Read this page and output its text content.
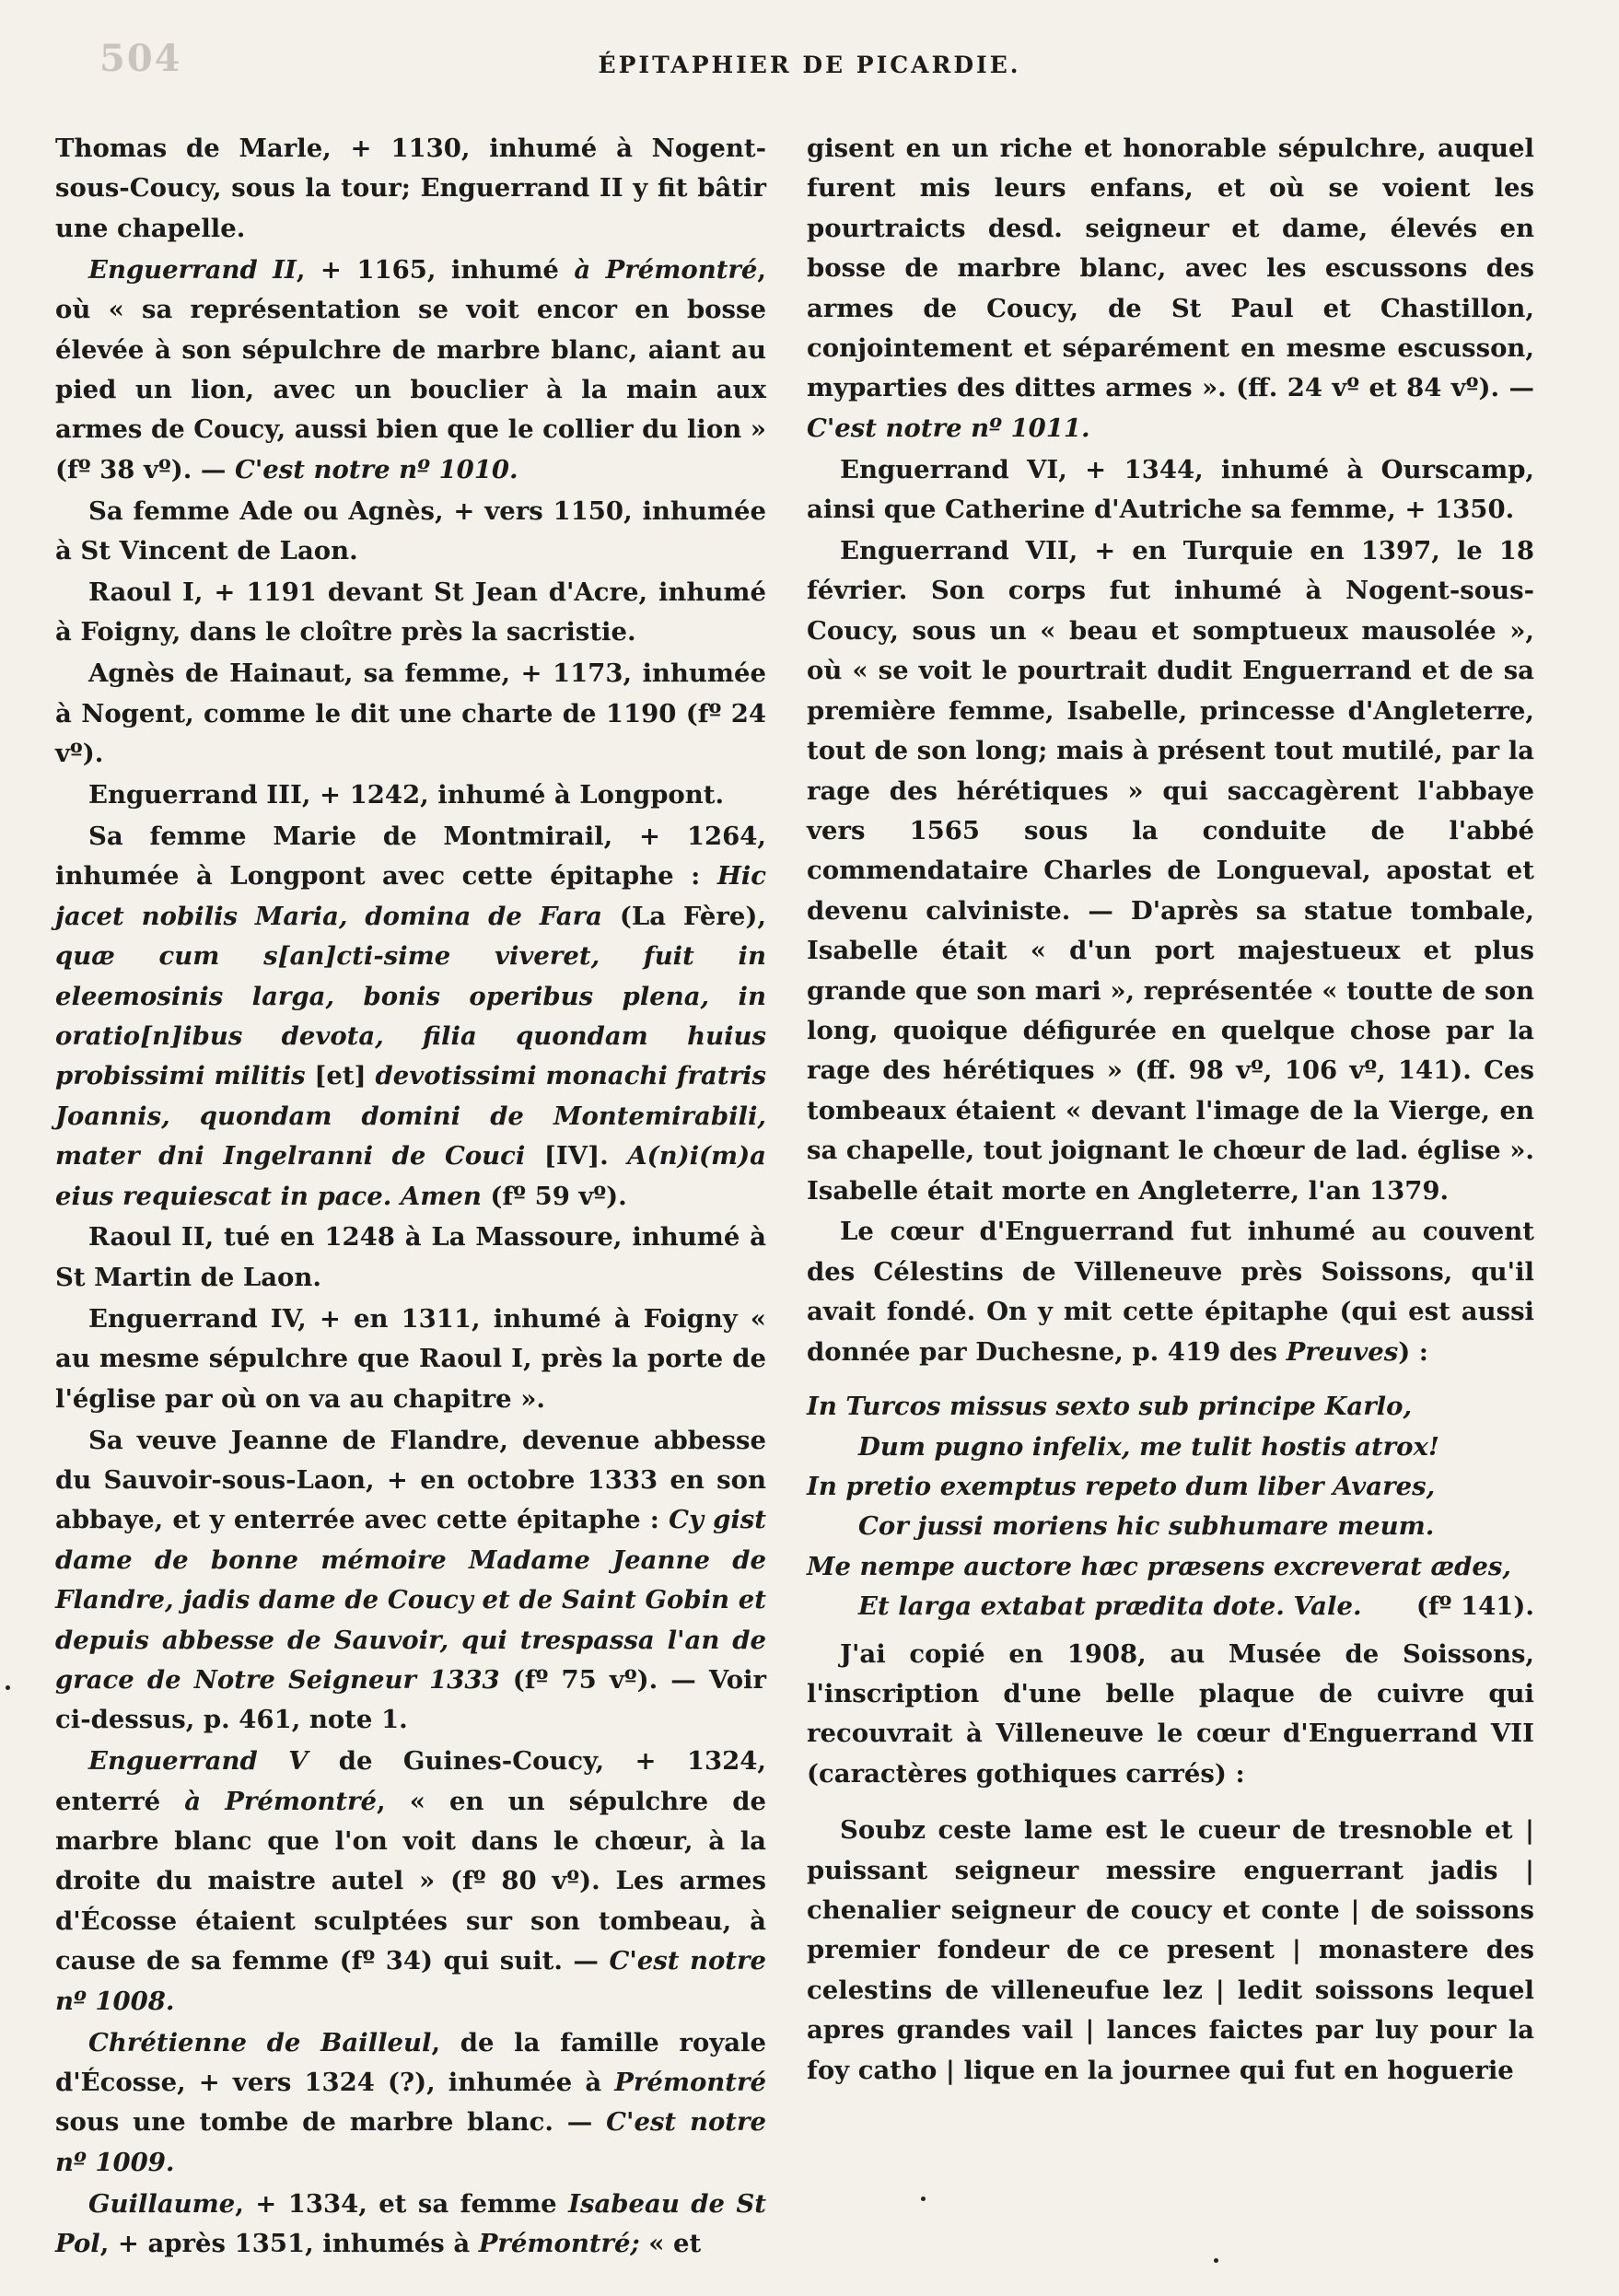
504	ÉPITAPHIER DE PICARDIE.

Thomas de Marle, + 1130, inhumé à Nogent-sous-Coucy, sous la tour; Enguerrand II y fit bâtir une chapelle.

Enguerrand II, + 1165, inhumé à Prémontré, où « sa représentation se voit encor en bosse élevée à son sépulchre de marbre blanc, aiant au pied un lion, avec un bouclier à la main aux armes de Coucy, aussi bien que le collier du lion » (fº 38 vº). — C'est notre nº 1010.

Sa femme Ade ou Agnès, + vers 1150, inhumée à St Vincent de Laon.

Raoul I, + 1191 devant St Jean d'Acre, inhumé à Foigny, dans le cloître près la sacristie.

Agnès de Hainaut, sa femme, + 1173, inhumée à Nogent, comme le dit une charte de 1190 (fº 24 vº).

Enguerrand III, + 1242, inhumé à Longpont.

Sa femme Marie de Montmirail, + 1264, inhumée à Longpont avec cette épitaphe : Hic jacet nobilis Maria, domina de Fara (La Fère), quæ cum s[an]cti-sime viveret, fuit in eleemosinis larga, bonis operibus plena, in oratio[n]ibus devota, filia quondam huius probissimi militis [et] devotissimi monachi fratris Joannis, quondam domini de Montemirabili, mater dni Ingelranni de Couci [IV]. A(n)i(m)a eius requiescat in pace. Amen (fº 59 vº).

Raoul II, tué en 1248 à La Massoure, inhumé à St Martin de Laon.

Enguerrand IV, + en 1311, inhumé à Foigny « au mesme sépulchre que Raoul I, près la porte de l'église par où on va au chapitre ».

Sa veuve Jeanne de Flandre, devenue abbesse du Sauvoir-sous-Laon, + en octobre 1333 en son abbaye, et y enterrée avec cette épitaphe : Cy gist dame de bonne mémoire Madame Jeanne de Flandre, jadis dame de Coucy et de Saint Gobin et depuis abbesse de Sauvoir, qui trespassa l'an de grace de Notre Seigneur 1333 (fº 75 vº). — Voir ci-dessus, p. 461, note 1.

Enguerrand V de Guines-Coucy, + 1324, enterré à Prémontré, « en un sépulchre de marbre blanc que l'on voit dans le chœur, à la droite du maistre autel » (fº 80 vº). Les armes d'Écosse étaient sculptées sur son tombeau, à cause de sa femme (fº 34) qui suit. — C'est notre nº 1008.

Chrétienne de Bailleul, de la famille royale d'Écosse, + vers 1324 (?), inhumée à Prémontré sous une tombe de marbre blanc. — C'est notre nº 1009.

Guillaume, + 1334, et sa femme Isabeau de St Pol, + après 1351, inhumés à Prémontré; « et

gisent en un riche et honorable sépulchre, auquel furent mis leurs enfans, et où se voient les pourtraicts desd. seigneur et dame, élevés en bosse de marbre blanc, avec les escussons des armes de Coucy, de St Paul et Chastillon, conjointement et séparément en mesme escusson, myparties des dittes armes ». (ff. 24 vº et 84 vº). — C'est notre nº 1011.

Enguerrand VI, + 1344, inhumé à Ourscamp, ainsi que Catherine d'Autriche sa femme, + 1350.

Enguerrand VII, + en Turquie en 1397, le 18 février. Son corps fut inhumé à Nogent-sous-Coucy, sous un « beau et somptueux mausolée », où « se voit le pourtrait dudit Enguerrand et de sa première femme, Isabelle, princesse d'Angleterre, tout de son long; mais à présent tout mutilé, par la rage des hérétiques » qui saccagèrent l'abbaye vers 1565 sous la conduite de l'abbé commendataire Charles de Longueval, apostat et devenu calviniste. — D'après sa statue tombale, Isabelle était « d'un port majestueux et plus grande que son mari », représentée « toutte de son long, quoique défigurée en quelque chose par la rage des hérétiques » (ff. 98 vº, 106 vº, 141). Ces tombeaux étaient « devant l'image de la Vierge, en sa chapelle, tout joignant le chœur de lad. église ». Isabelle était morte en Angleterre, l'an 1379.

Le cœur d'Enguerrand fut inhumé au couvent des Célestins de Villeneuve près Soissons, qu'il avait fondé. On y mit cette épitaphe (qui est aussi donnée par Duchesne, p. 419 des Preuves) :

In Turcos missus sexto sub principe Karlo,
Dum pugno infelix, me tulit hostis atrox!
In pretio exemptus repeto dum liber Avares,
Cor jussi moriens hic subhumare meum.
Me nempe auctore hæc præsens excreverat ædes,
Et larga extabat prædita dote. Vale. (fº 141).

J'ai copié en 1908, au Musée de Soissons, l'inscription d'une belle plaque de cuivre qui recouvrait à Villeneuve le cœur d'Enguerrand VII (caractères gothiques carrés) :

Soubz ceste lame est le cueur de tresnoble et | puissant seigneur messire enguerrant jadis | chenalier seigneur de coucy et conte | de soissons premier fondeur de ce present | monastere des celestins de villeneufue lez | ledit soissons lequel apres grandes vail | lances faictes par luy pour la foy catho | lique en la journee qui fut en hoguerie
